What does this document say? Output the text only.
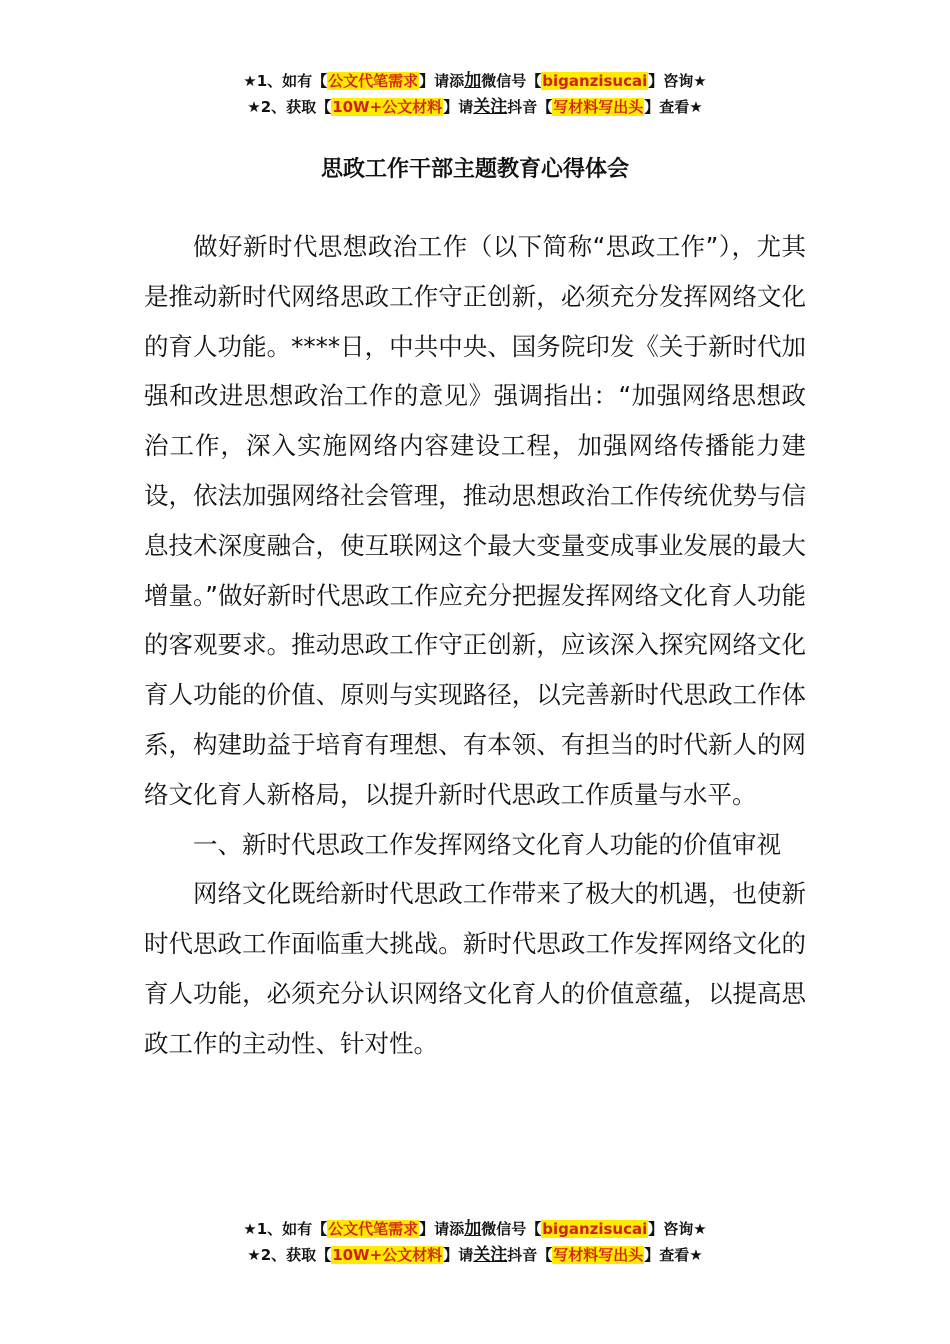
★1、如有【公文代笔需求】请添加微信号【biganzisucai】咨询★
★2、获取【10W+公文材料】请关注抖音【写材料写出头】查看★
思政工作干部主题教育心得体会

做好新时代思想政治工作（以下简称“思政工作”），尤其是推动新时代网络思政工作守正创新，必须充分发挥网络文化的育人功能。****日，中共中央、国务院印发《关于新时代加强和改进思想政治工作的意见》强调指出：“加强网络思想政治工作，深入实施网络内容建设工程，加强网络传播能力建设，依法加强网络社会管理，推动思想政治工作传统优势与信息技术深度融合，使互联网这个最大变量变成事业发展的最大增量。”做好新时代思政工作应充分把握发挥网络文化育人功能的客观要求。推动思政工作守正创新，应该深入探究网络文化育人功能的价值、原则与实现路径，以完善新时代思政工作体系，构建助益于培育有理想、有本领、有担当的时代新人的网络文化育人新格局，以提升新时代思政工作质量与水平。

一、新时代思政工作发挥网络文化育人功能的价值审视

网络文化既给新时代思政工作带来了极大的机遇，也使新时代思政工作面临重大挑战。新时代思政工作发挥网络文化的育人功能，必须充分认识网络文化育人的价值意蕴，以提高思政工作的主动性、针对性。

★1、如有【公文代笔需求】请添加微信号【biganzisucai】咨询★
★2、获取【10W+公文材料】请关注抖音【写材料写出头】查看★
